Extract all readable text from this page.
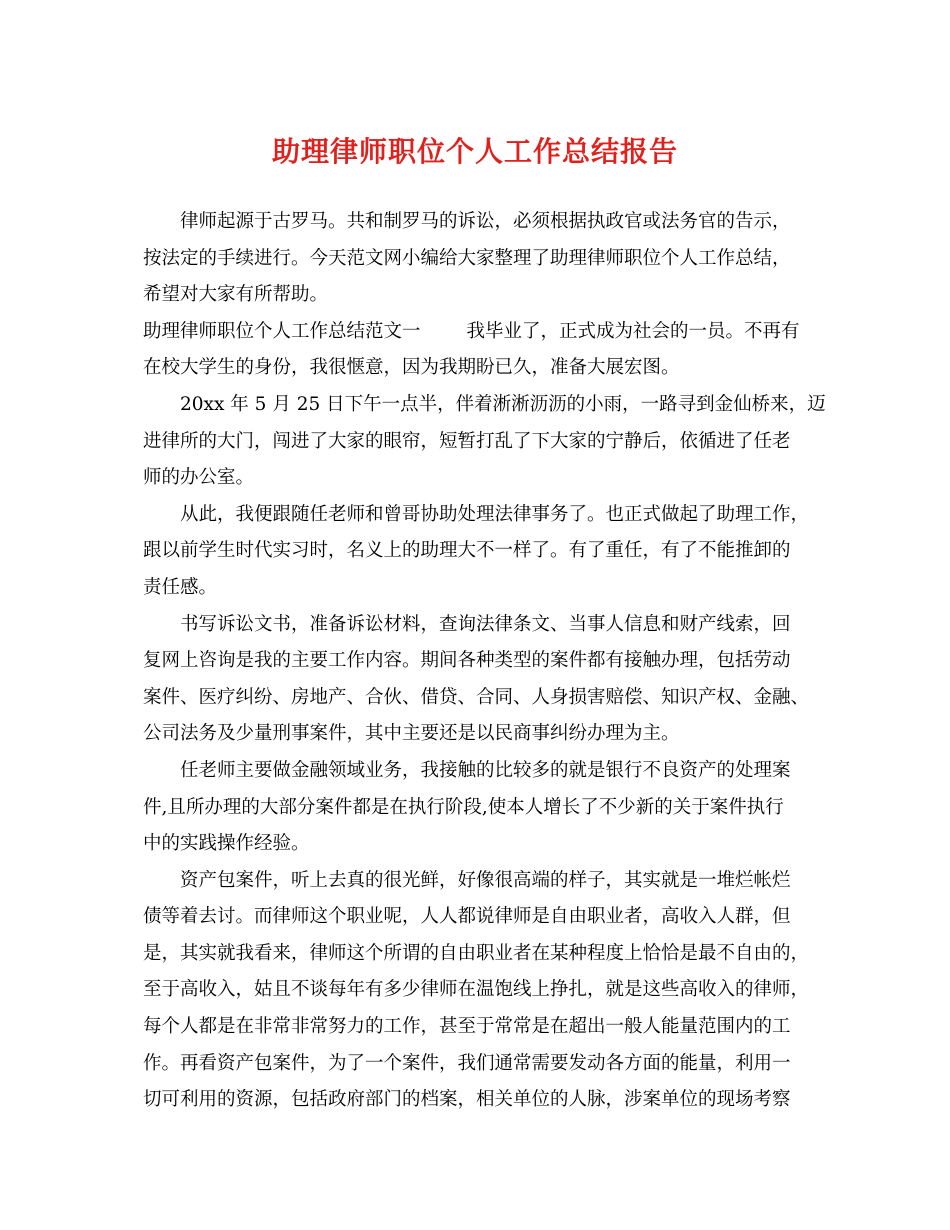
助理律师职位个人工作总结报告
律师起源于古罗马。共和制罗马的诉讼，必须根据执政官或法务官的告示，
按法定的手续进行。今天范文网小编给大家整理了助理律师职位个人工作总结，
希望对大家有所帮助。
助理律师职位个人工作总结范文一 我毕业了，正式成为社会的一员。不再有
在校大学生的身份，我很惬意，因为我期盼已久，准备大展宏图。
20xx 年 5 月 25 日下午一点半，伴着淅淅沥沥的小雨，一路寻到金仙桥来，迈
进律所的大门，闯进了大家的眼帘，短暂打乱了下大家的宁静后，依循进了任老
师的办公室。
从此，我便跟随任老师和曾哥协助处理法律事务了。也正式做起了助理工作，
跟以前学生时代实习时，名义上的助理大不一样了。有了重任，有了不能推卸的
责任感。
书写诉讼文书，准备诉讼材料，查询法律条文、当事人信息和财产线索，回
复网上咨询是我的主要工作内容。期间各种类型的案件都有接触办理，包括劳动
案件、医疗纠纷、房地产、合伙、借贷、合同、人身损害赔偿、知识产权、金融、
公司法务及少量刑事案件，其中主要还是以民商事纠纷办理为主。
任老师主要做金融领域业务，我接触的比较多的就是银行不良资产的处理案
件,且所办理的大部分案件都是在执行阶段,使本人增长了不少新的关于案件执行
中的实践操作经验。
资产包案件，听上去真的很光鲜，好像很高端的样子，其实就是一堆烂帐烂
债等着去讨。而律师这个职业呢，人人都说律师是自由职业者，高收入人群，但
是，其实就我看来，律师这个所谓的自由职业者在某种程度上恰恰是最不自由的，
至于高收入，姑且不谈每年有多少律师在温饱线上挣扎，就是这些高收入的律师，
每个人都是在非常非常努力的工作，甚至于常常是在超出一般人能量范围内的工
作。再看资产包案件，为了一个案件，我们通常需要发动各方面的能量，利用一
切可利用的资源，包括政府部门的档案，相关单位的人脉，涉案单位的现场考察
